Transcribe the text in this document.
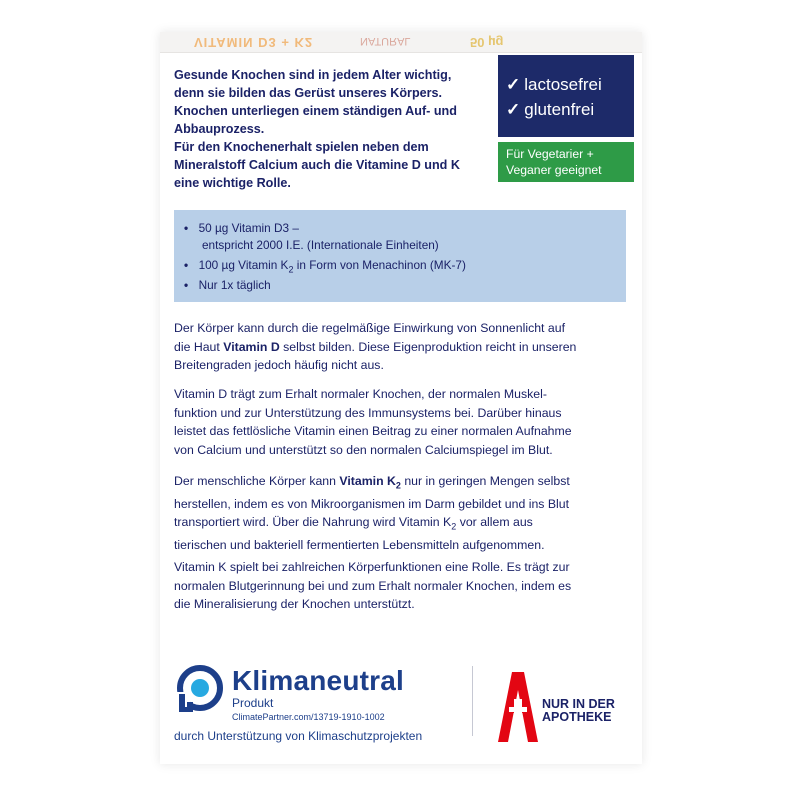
VITAMIN D3 + K2	NATURAL	50 µg

Gesunde Knochen sind in jedem Alter wichtig,

denn sie bilden das Gerüst unseres Körpers.

Knochen unterliegen einem ständigen Auf- und

Abbauprozess.

Für den Knochenerhalt spielen neben dem

Mineralstoff Calcium auch die Vitamine D und K

eine wichtige Rolle.

✓ lactosefrei
✓ glutenfrei
Für Vegetarier +
Veganer geeignet
• 50 µg Vitamin D3 –
entspricht 2000 I.E. (Internationale Einheiten)
• 100 µg Vitamin $K_2$ in Form von Menachinon (MK-7)
• Nur 1x täglich

Der Körper kann durch die regelmäßige Einwirkung von Sonnenlicht auf

die Haut Vitamin D selbst bilden. Diese Eigenproduktion reicht in unseren

Breitengraden jedoch häufig nicht aus.

Vitamin D trägt zum Erhalt normaler Knochen, der normalen Muskel-

funktion und zur Unterstützung des Immunsystems bei. Darüber hinaus

leistet das fettlösliche Vitamin einen Beitrag zu einer normalen Aufnahme

von Calcium und unterstützt so den normalen Calciumspiegel im Blut.

Der menschliche Körper kann Vitamin $K_2$ nur in geringen Mengen selbst

herstellen, indem es von Mikroorganismen im Darm gebildet und ins Blut

transportiert wird. Über die Nahrung wird Vitamin $K_2$ vor allem aus

tierischen und bakteriell fermentierten Lebensmitteln aufgenommen.

Vitamin K spielt bei zahlreichen Körperfunktionen eine Rolle. Es trägt zur

normalen Blutgerinnung bei und zum Erhalt normaler Knochen, indem es

die Mineralisierung der Knochen unterstützt.

Klimaneutral
Produkt
ClimatePartner.com/13719-1910-1002
durch Unterstützung von Klimaschutzprojekten
NUR IN DER
APOTHEKE
